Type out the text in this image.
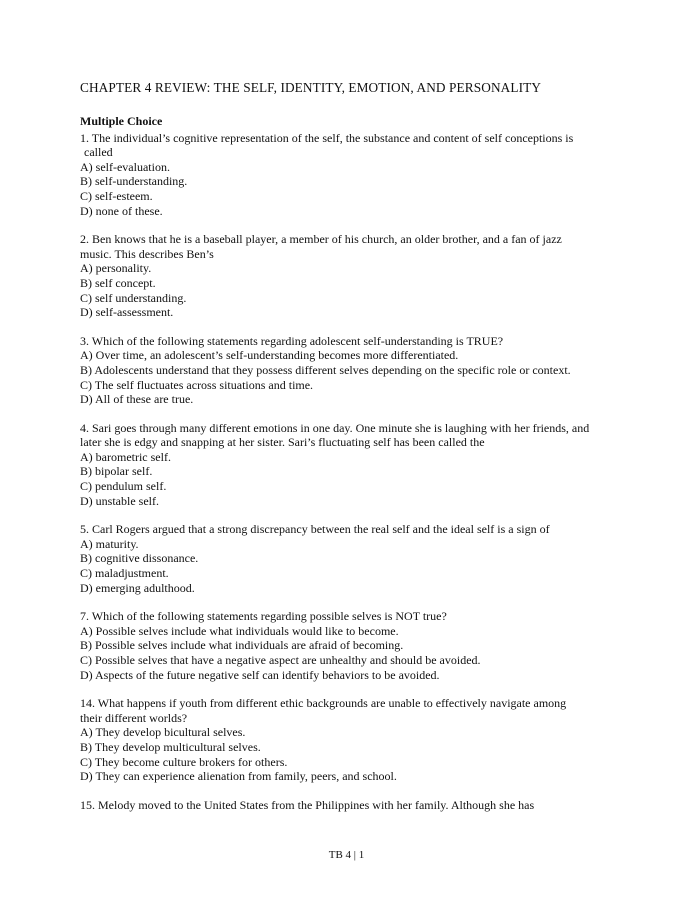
CHAPTER 4 REVIEW: THE SELF, IDENTITY, EMOTION, AND PERSONALITY
Multiple Choice
1. The individual’s cognitive representation of the self, the substance and content of self conceptions is
called
A) self-evaluation.
B) self-understanding.
C) self-esteem.
D) none of these.
2. Ben knows that he is a baseball player, a member of his church, an older brother, and a fan of jazz
music. This describes Ben’s
A) personality.
B) self concept.
C) self understanding.
D) self-assessment.
3. Which of the following statements regarding adolescent self-understanding is TRUE?
A) Over time, an adolescent’s self-understanding becomes more differentiated.
B) Adolescents understand that they possess different selves depending on the specific role or context.
C) The self fluctuates across situations and time.
D) All of these are true.
4. Sari goes through many different emotions in one day. One minute she is laughing with her friends, and
later she is edgy and snapping at her sister. Sari’s fluctuating self has been called the
A) barometric self.
B) bipolar self.
C) pendulum self.
D) unstable self.
5. Carl Rogers argued that a strong discrepancy between the real self and the ideal self is a sign of
A) maturity.
B) cognitive dissonance.
C) maladjustment.
D) emerging adulthood.
7. Which of the following statements regarding possible selves is NOT true?
A) Possible selves include what individuals would like to become.
B) Possible selves include what individuals are afraid of becoming.
C) Possible selves that have a negative aspect are unhealthy and should be avoided.
D) Aspects of the future negative self can identify behaviors to be avoided.
14. What happens if youth from different ethic backgrounds are unable to effectively navigate among
their different worlds?
A) They develop bicultural selves.
B) They develop multicultural selves.
C) They become culture brokers for others.
D) They can experience alienation from family, peers, and school.
15. Melody moved to the United States from the Philippines with her family. Although she has
TB 4 | 1
